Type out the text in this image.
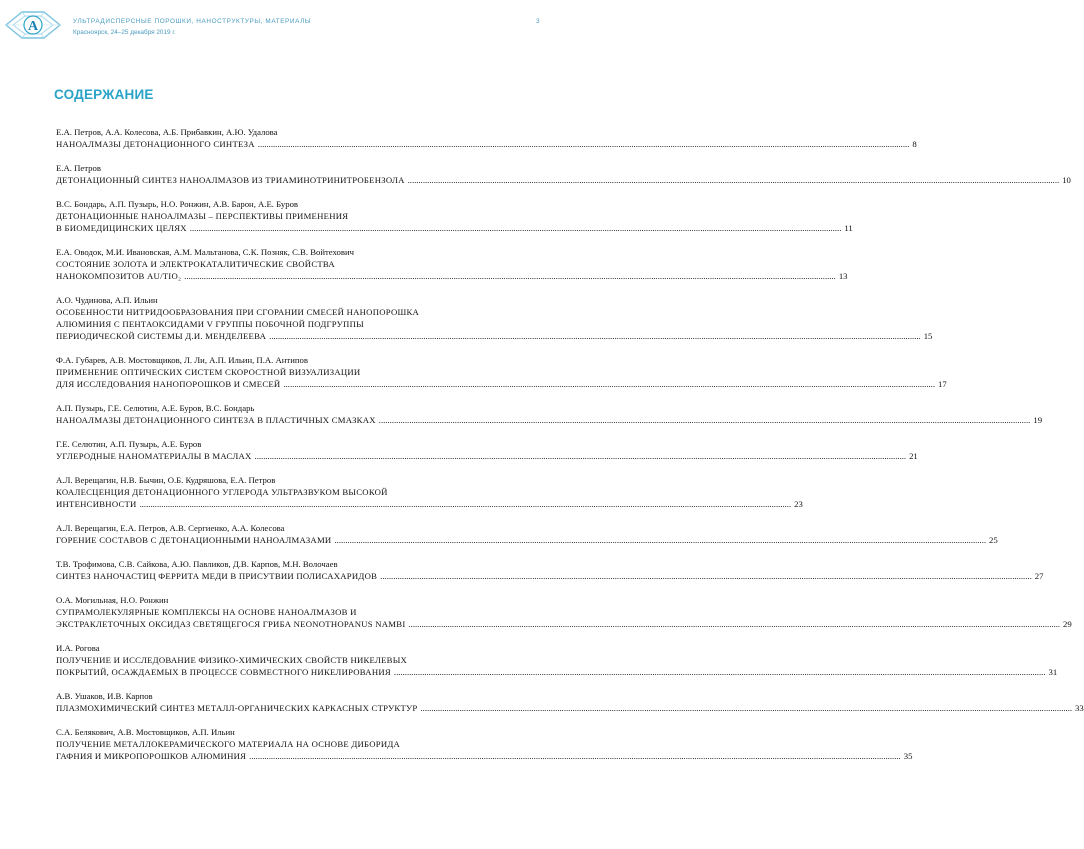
А	УЛЬТРАДИСПЕРСНЫЕ ПОРОШКИ, НАНОСТРУКТУРЫ, МАТЕРИАЛЫ
Красноярск, 24–25 декабря 2019 г.
3
СОДЕРЖАНИЕ
Е.А. Петров, А.А. Колесова, А.Б. Прибавкин, А.Ю. Удалова
НАНОАЛМАЗЫ ДЕТОНАЦИОННОГО СИНТЕЗА ............................................................................................................................................................................................................................................................................................................ 8
Е.А. Петров
ДЕТОНАЦИОННЫЙ СИНТЕЗ НАНОАЛМАЗОВ ИЗ ТРИАМИНОТРИНИТРОБЕНЗОЛА ............................................................................................................................................................................................................................................................................................................ 10
В.С. Бондарь, А.П. Пузырь, Н.О. Ронжин, А.В. Барон, А.Е. Буров
ДЕТОНАЦИОННЫЕ НАНОАЛМАЗЫ – ПЕРСПЕКТИВЫ ПРИМЕНЕНИЯ
В БИОМЕДИЦИНСКИХ ЦЕЛЯХ ............................................................................................................................................................................................................................................................................................................ 11
Е.А. Оводок, М.И. Ивановская, А.М. Мальтанова, С.К. Позняк, С.В. Войтехович
СОСТОЯНИЕ ЗОЛОТА И ЭЛЕКТРОКАТАЛИТИЧЕСКИЕ СВОЙСТВА
НАНОКОМПОЗИТОВ AU/TIO₂ ............................................................................................................................................................................................................................................................................................................ 13
А.О. Чудинова, А.П. Ильин
ОСОБЕННОСТИ НИТРИДООБРАЗОВАНИЯ ПРИ СГОРАНИИ СМЕСЕЙ НАНОПОРОШКА
АЛЮМИНИЯ С ПЕНТАОКСИДАМИ V ГРУППЫ ПОБОЧНОЙ ПОДГРУППЫ
ПЕРИОДИЧЕСКОЙ СИСТЕМЫ Д.И. МЕНДЕЛЕЕВА ............................................................................................................................................................................................................................................................................................................ 15
Ф.А. Губарев, А.В. Мостовщиков, Л. Ли, А.П. Ильин, П.А. Антипов
ПРИМЕНЕНИЕ ОПТИЧЕСКИХ СИСТЕМ СКОРОСТНОЙ ВИЗУАЛИЗАЦИИ
ДЛЯ ИССЛЕДОВАНИЯ НАНОПОРОШКОВ И СМЕСЕЙ ............................................................................................................................................................................................................................................................................................................ 17
А.П. Пузырь, Г.Е. Селютин, А.Е. Буров, В.С. Бондарь
НАНОАЛМАЗЫ ДЕТОНАЦИОННОГО СИНТЕЗА В ПЛАСТИЧНЫХ СМАЗКАХ ............................................................................................................................................................................................................................................................................................................ 19
Г.Е. Селютин, А.П. Пузырь, А.Е. Буров
УГЛЕРОДНЫЕ НАНОМАТЕРИАЛЫ В МАСЛАХ ............................................................................................................................................................................................................................................................................................................ 21
А.Л. Верещагин, Н.В. Бычин, О.Б. Кудряшова, Е.А. Петров
КОАЛЕСЦЕНЦИЯ ДЕТОНАЦИОННОГО УГЛЕРОДА УЛЬТРАЗВУКОМ ВЫСОКОЙ
ИНТЕНСИВНОСТИ ............................................................................................................................................................................................................................................................................................................ 23
А.Л. Верещагин, Е.А. Петров, А.В. Сергиенко, А.А. Колесова
ГОРЕНИЕ СОСТАВОВ С ДЕТОНАЦИОННЫМИ НАНОАЛМАЗАМИ ............................................................................................................................................................................................................................................................................................................ 25
Т.В. Трофимова, С.В. Сайкова, А.Ю. Павликов, Д.В. Карпов, М.Н. Волочаев
СИНТЕЗ НАНОЧАСТИЦ ФЕРРИТА МЕДИ В ПРИСУТВИИ ПОЛИСАХАРИДОВ ............................................................................................................................................................................................................................................................................................................ 27
О.А. Могильная, Н.О. Ронжин
СУПРАМОЛЕКУЛЯРНЫЕ КОМПЛЕКСЫ НА ОСНОВЕ НАНОАЛМАЗОВ И
ЭКСТРАКЛЕТОЧНЫХ ОКСИДАЗ СВЕТЯЩЕГОСЯ ГРИБА NEONOTHOPANUS NAMBI ............................................................................................................................................................................................................................................................................................................ 29
И.А. Рогова
ПОЛУЧЕНИЕ И ИССЛЕДОВАНИЕ ФИЗИКО-ХИМИЧЕСКИХ СВОЙСТВ НИКЕЛЕВЫХ
ПОКРЫТИЙ, ОСАЖДАЕМЫХ В ПРОЦЕССЕ СОВМЕСТНОГО НИКЕЛИРОВАНИЯ ............................................................................................................................................................................................................................................................................................................ 31
А.В. Ушаков, И.В. Карпов
ПЛАЗМОХИМИЧЕСКИЙ СИНТЕЗ МЕТАЛЛ-ОРГАНИЧЕСКИХ КАРКАСНЫХ СТРУКТУР ............................................................................................................................................................................................................................................................................................................ 33
С.А. Белякович, А.В. Мостовщиков, А.П. Ильин
ПОЛУЧЕНИЕ МЕТАЛЛОКЕРАМИЧЕСКОГО МАТЕРИАЛА НА ОСНОВЕ ДИБОРИДА
ГАФНИЯ И МИКРОПОРОШКОВ АЛЮМИНИЯ ............................................................................................................................................................................................................................................................................................................ 35
